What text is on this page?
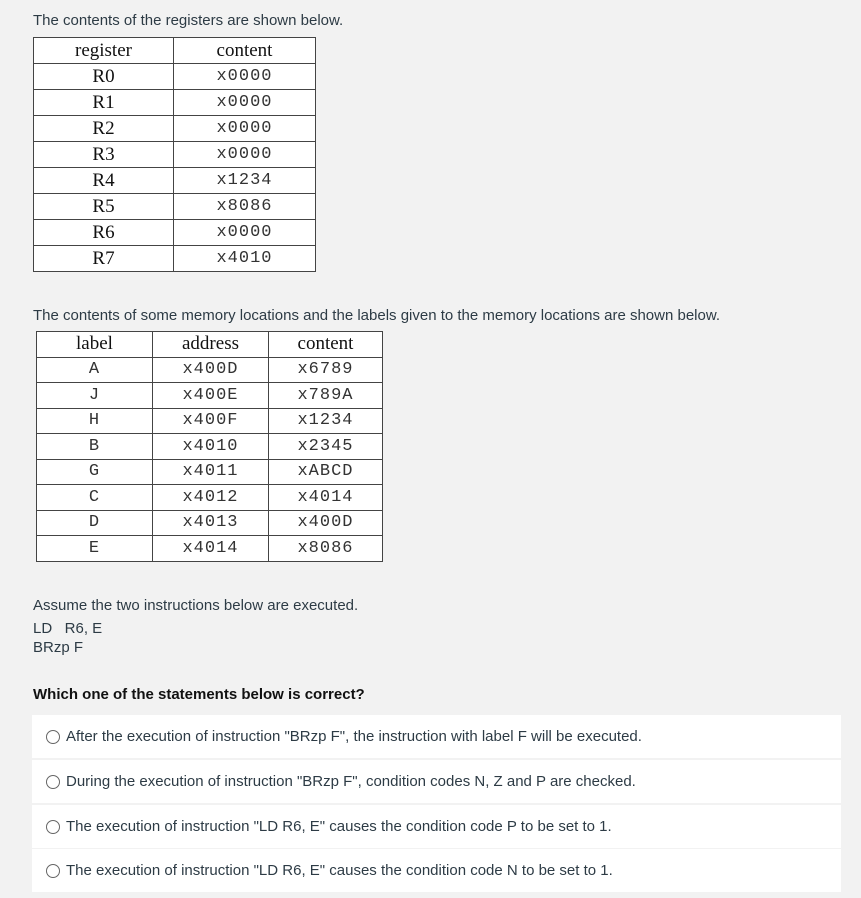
The contents of the registers are shown below.
register	content
R0	x0000
R1	x0000
R2	x0000
R3	x0000
R4	x1234
R5	x8086
R6	x0000
R7	x4010
The contents of some memory locations and the labels given to the memory locations are shown below.
label	address	content
A	x400D	x6789
J	x400E	x789A
H	x400F	x1234
B	x4010	x2345
G	x4011	xABCD
C	x4012	x4014
D	x4013	x400D
E	x4014	x8086
Assume the two instructions below are executed.
LD   R6, E
BRzp F
Which one of the statements below is correct?
After the execution of instruction "BRzp F", the instruction with label F will be executed.
During the execution of instruction "BRzp F", condition codes N, Z and P are checked.
The execution of instruction "LD R6, E" causes the condition code P to be set to 1.
The execution of instruction "LD R6, E" causes the condition code N to be set to 1.
